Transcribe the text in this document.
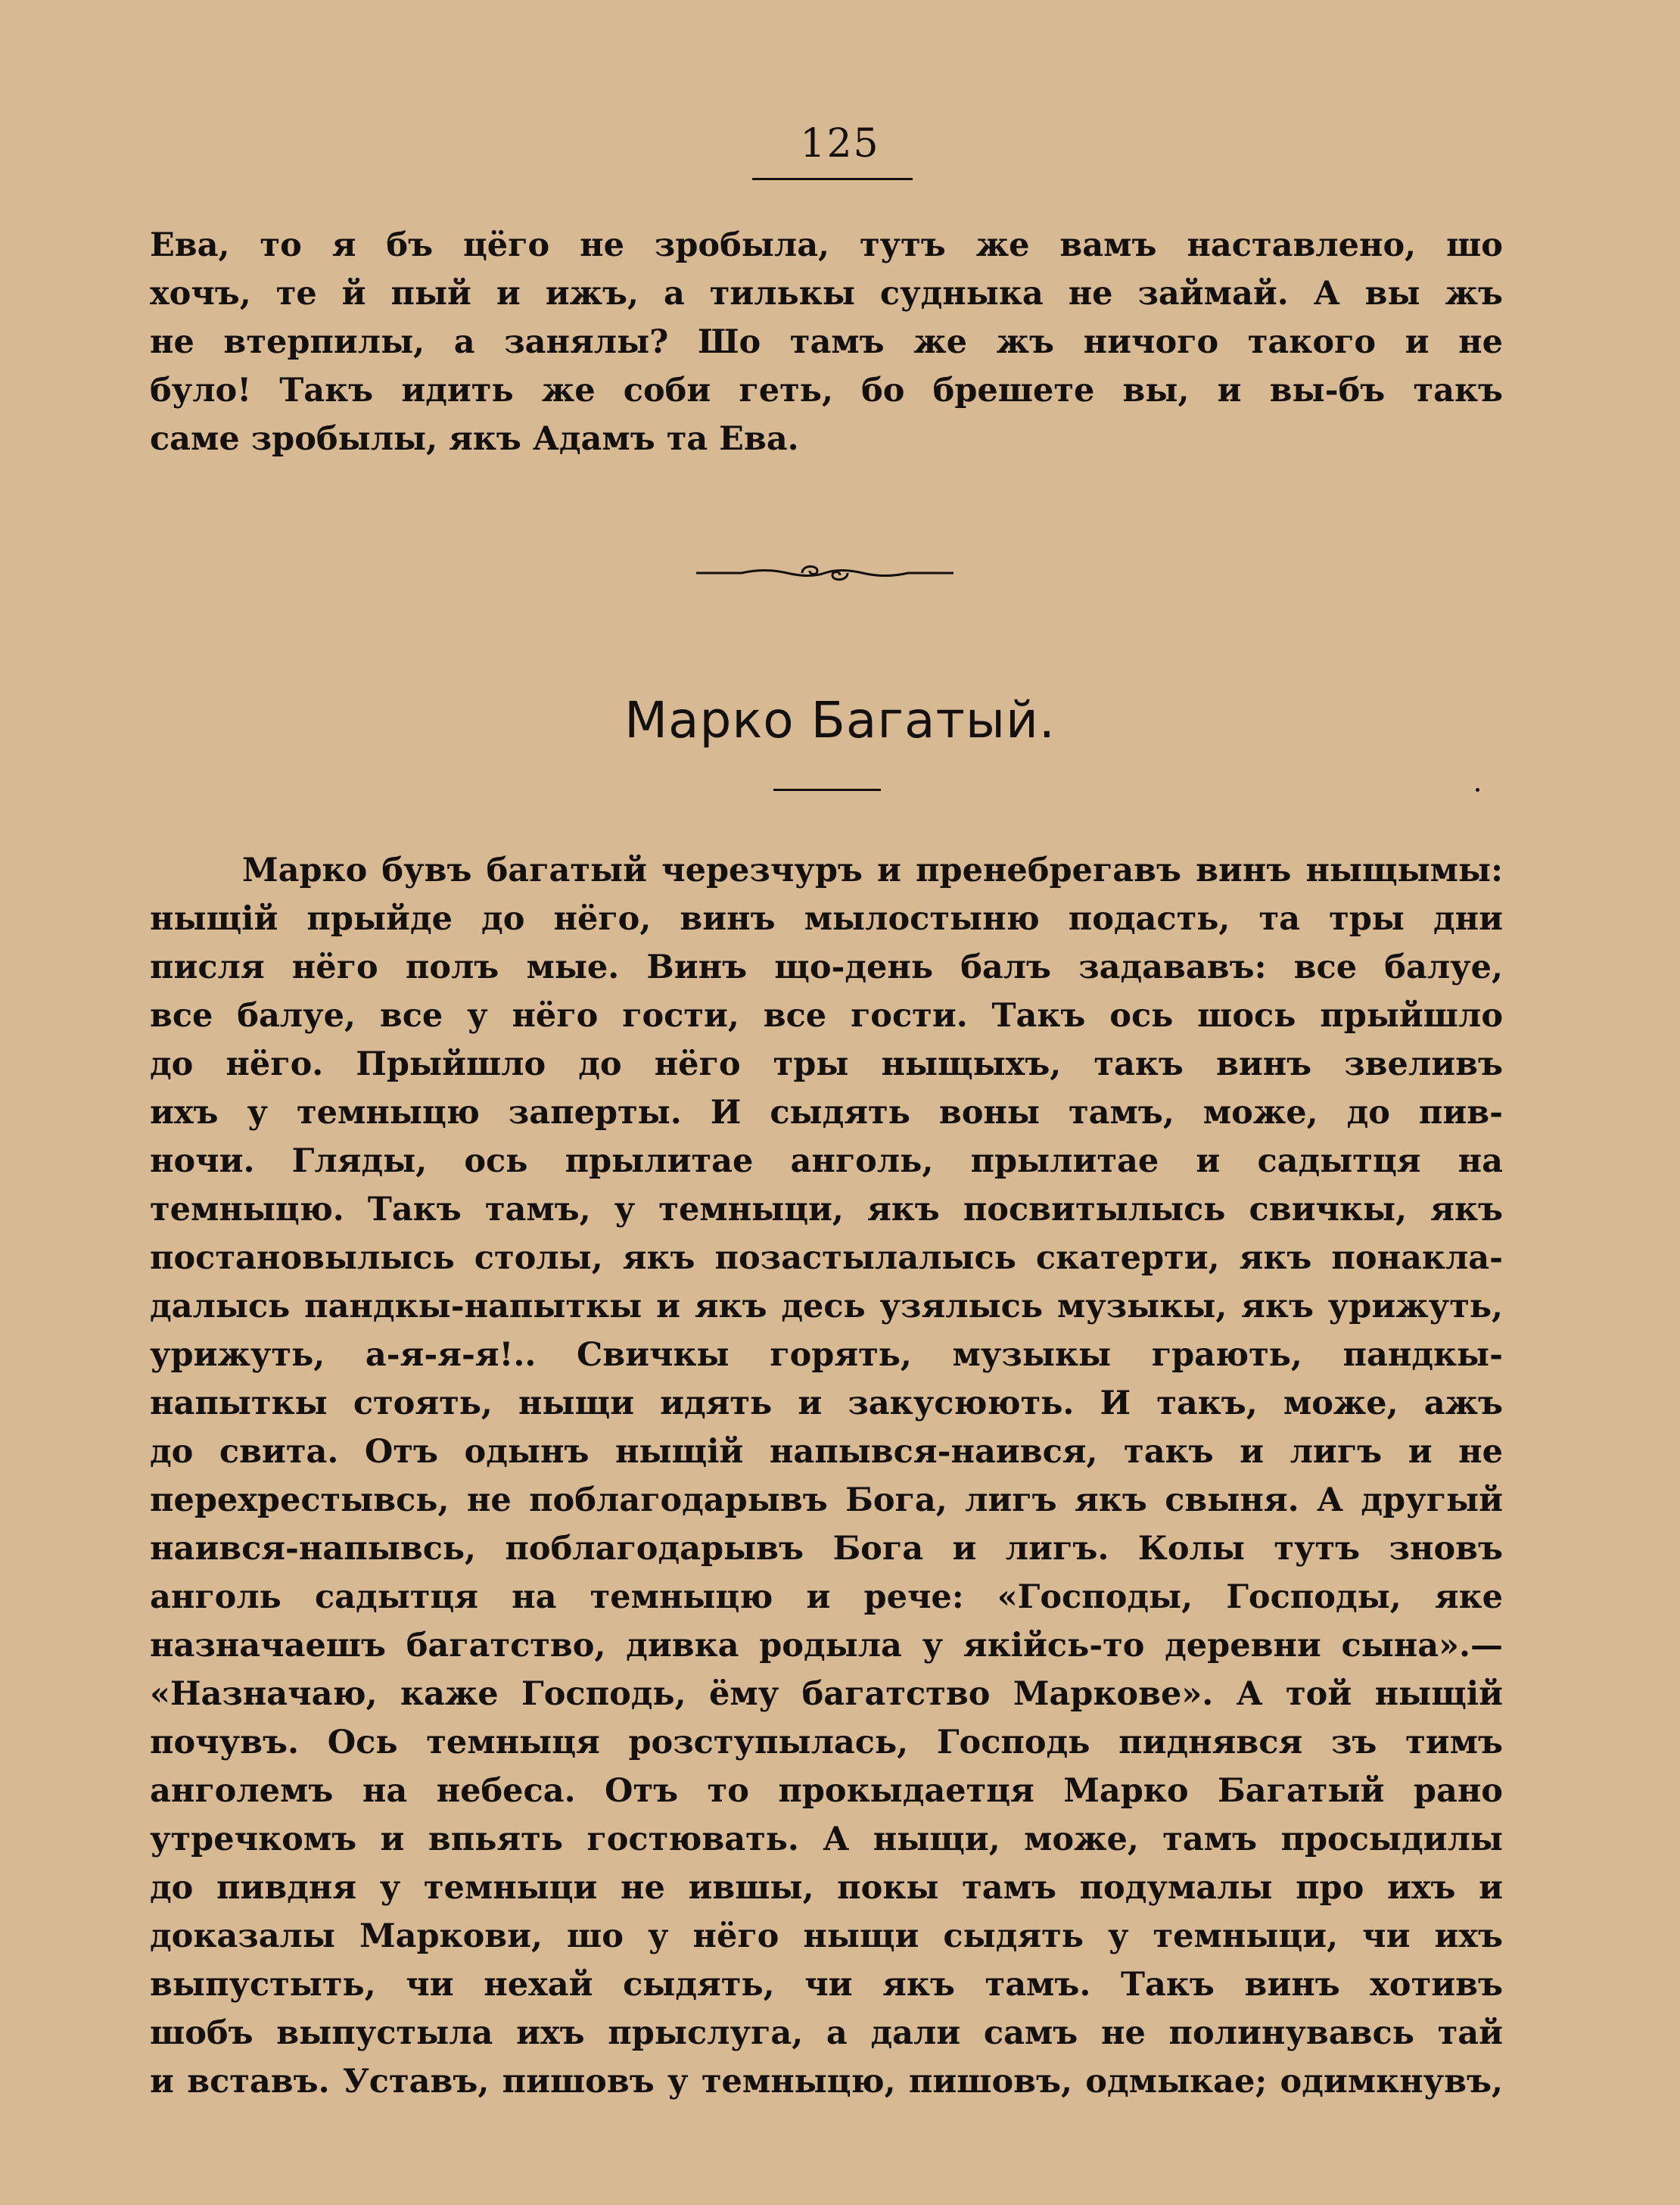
125
Ева, то я бъ цёго не зробыла, тутъ же вамъ наставлено, шо
хочъ, те й пый и ижъ, а тилькы судныка не займай. А вы жъ
не втерпилы, а занялы? Шо тамъ же жъ ничого такого и не
було! Такъ идить же соби геть, бо брешете вы, и вы-бъ такъ
саме зробылы, якъ Адамъ та Ева.
Марко Багатый.
Марко бувъ багатый черезчуръ и пренебрегавъ винъ ныщымы:
ныщій прыйде до нёго, винъ мылостыню подасть, та тры дни
писля нёго полъ мые. Винъ що-день балъ задававъ: все балуе,
все балуе, все у нёго гости, все гости. Такъ ось шось прыйшло
до нёго. Прыйшло до нёго тры ныщыхъ, такъ винъ звеливъ
ихъ у темныцю заперты. И сыдять воны тамъ, може, до пив-
ночи. Гляды, ось прылитае анголь, прылитае и садытця на
темныцю. Такъ тамъ, у темныци, якъ посвитылысь свичкы, якъ
постановылысь столы, якъ позастылалысь скатерти, якъ понакла-
далысь пандкы-напыткы и якъ десь узялысь музыкы, якъ урижуть,
урижуть, а-я-я-я!.. Свичкы горять, музыкы грають, пандкы-
напыткы стоять, ныщи идять и закусюють. И такъ, може, ажъ
до свита. Отъ одынъ ныщій напывся-наився, такъ и лигъ и не
перехрестывсь, не поблагодарывъ Бога, лигъ якъ свыня. А другый
наився-напывсь, поблагодарывъ Бога и лигъ. Колы тутъ зновъ
анголь садытця на темныцю и рече: «Господы, Господы, яке
назначаешъ багатство, дивка родыла у якійсь-то деревни сына».—
«Назначаю, каже Господь, ёму багатство Маркове». А той ныщій
почувъ. Ось темныця розступылась, Господь пиднявся зъ тимъ
анголемъ на небеса. Отъ то прокыдаетця Марко Багатый рано
утречкомъ и впьять гостювать. А ныщи, може, тамъ просыдилы
до пивдня у темныци не ившы, покы тамъ подумалы про ихъ и
доказалы Маркови, шо у нёго ныщи сыдять у темныци, чи ихъ
выпустыть, чи нехай сыдять, чи якъ тамъ. Такъ винъ хотивъ
шобъ выпустыла ихъ прыслуга, а дали самъ не полинувавсь тай
и вставъ. Уставъ, пишовъ у темныцю, пишовъ, одмыкае; одимкнувъ,
